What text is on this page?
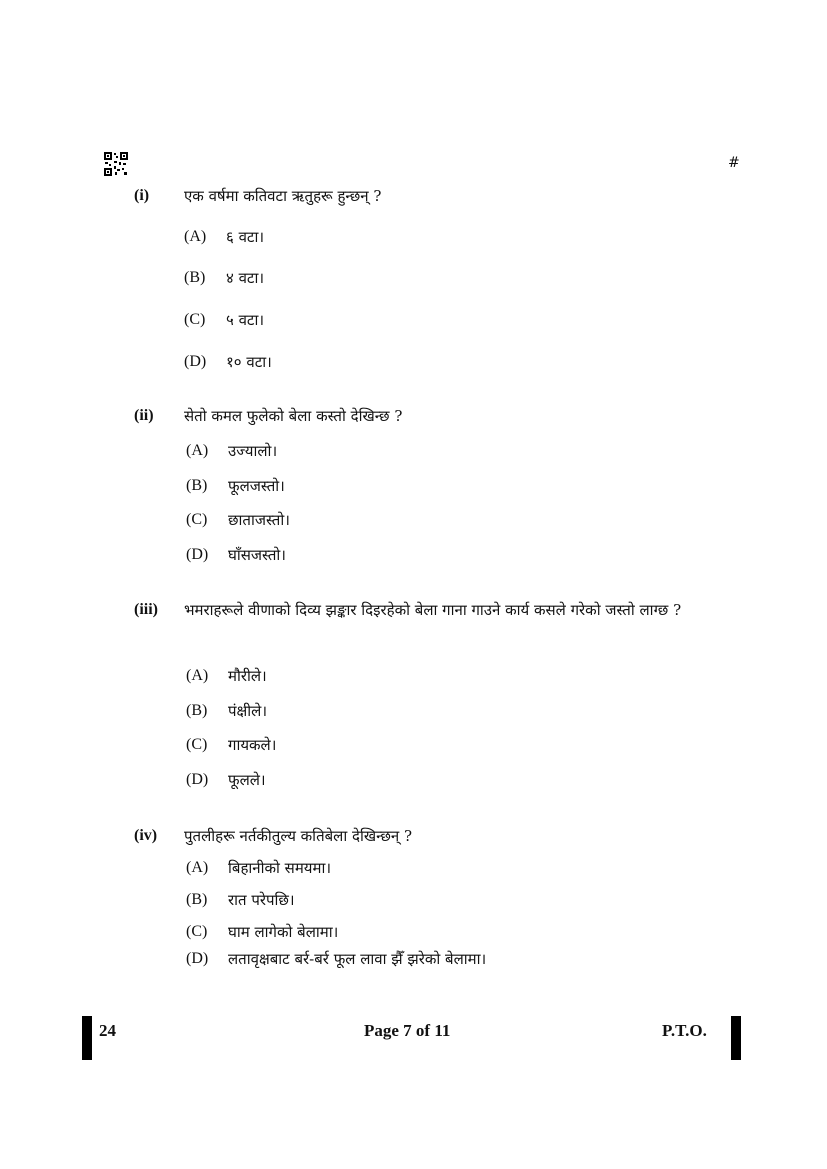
#
(i) एक वर्षमा कतिवटा ऋतुहरू हुन्छन् ?
(A) ६ वटा।
(B) ४ वटा।
(C) ५ वटा।
(D) १० वटा।
(ii) सेतो कमल फुलेको बेला कस्तो देखिन्छ ?
(A) उज्यालो।
(B) फूलजस्तो।
(C) छाताजस्तो।
(D) घाँसजस्तो।
(iii) भमराहरूले वीणाको दिव्य झङ्कार दिइरहेको बेला गाना गाउने कार्य कसले गरेको जस्तो लाग्छ ?
(A) मौरीले।
(B) पंक्षीले।
(C) गायकले।
(D) फूलले।
(iv) पुतलीहरू नर्तकीतुल्य कतिबेला देखिन्छन् ?
(A) बिहानीको समयमा।
(B) रात परेपछि।
(C) घाम लागेको बेलामा।
(D) लतावृक्षबाट बर्र-बर्र फूल लावा झैँ झरेको बेलामा।
24	Page 7 of 11	P.T.O.
